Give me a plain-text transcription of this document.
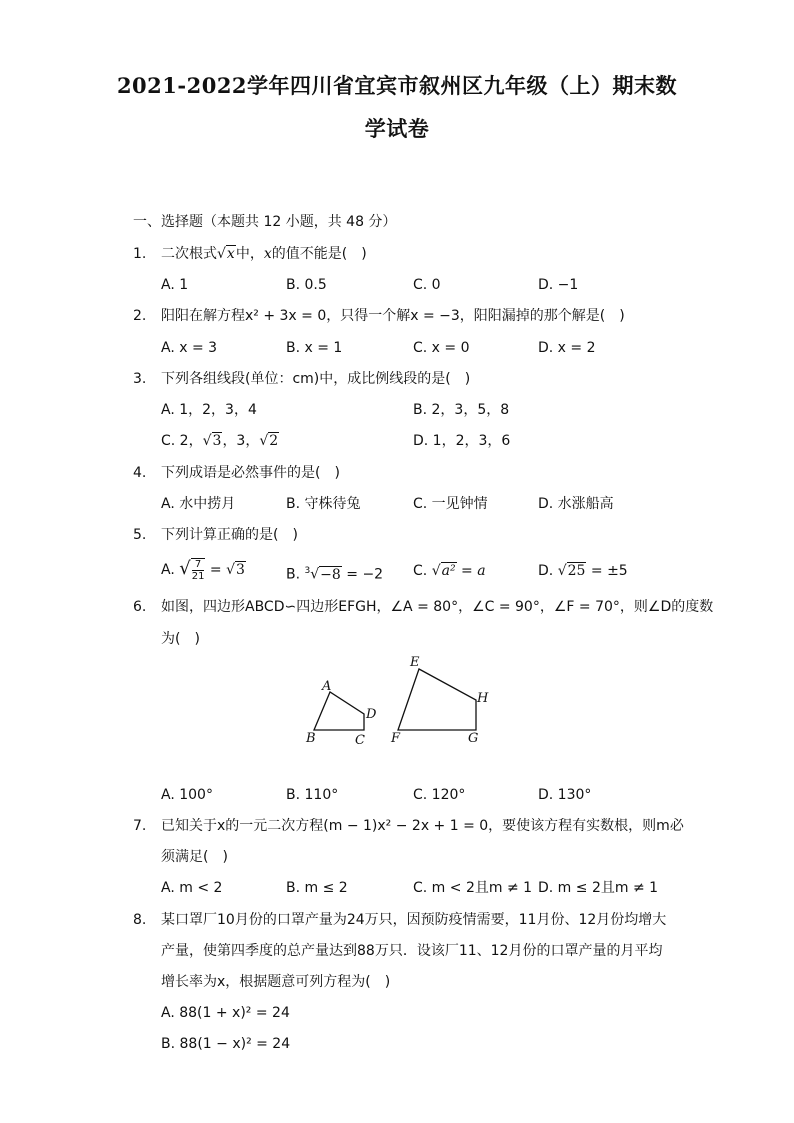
2021-2022学年四川省宜宾市叙州区九年级（上）期末数
学试卷
一、选择题（本题共 12 小题，共 48 分）
1. 二次根式√x中，x的值不能是(　)
A. 1	B. 0.5	C. 0	D. −1
2. 阳阳在解方程x² + 3x = 0，只得一个解x = −3，阳阳漏掉的那个解是(　)
A. x = 3	B. x = 1	C. x = 0	D. x = 2
3. 下列各组线段(单位：cm)中，成比例线段的是(　)
A. 1，2，3，4	B. 2，3，5，8
C. 2，√3，3，√2	D. 1，2，3，6
4. 下列成语是必然事件的是(　)
A. 水中捞月	B. 守株待兔	C. 一见钟情	D. 水涨船高
5. 下列计算正确的是(　)
A. √ $\frac{7}{21} = √3$	B. $^3$√−8 = −2 C. √a² = a	D. √25 = ±5
6. 如图，四边形ABCD∽四边形EFGH，∠A = 80°，∠C = 90°，∠F = 70°，则∠D的度数
为(　)
A
B	C
D
E
F	G
H
A. 100°	B. 110°	C. 120°	D. 130°
7. 已知关于x的一元二次方程(m − 1)x² − 2x + 1 = 0，要使该方程有实数根，则m必
须满足(　)
A. m < 2	B. m ≤ 2	C. m < 2且m ≠ 1 D. m ≤ 2且m ≠ 1
8. 某口罩厂10月份的口罩产量为24万只，因预防疫情需要，11月份、12月份均增大
产量，使第四季度的总产量达到88万只．设该厂11、12月份的口罩产量的月平均
增长率为x，根据题意可列方程为(　)
A. 88(1 + x)² = 24
B. 88(1 − x)² = 24
